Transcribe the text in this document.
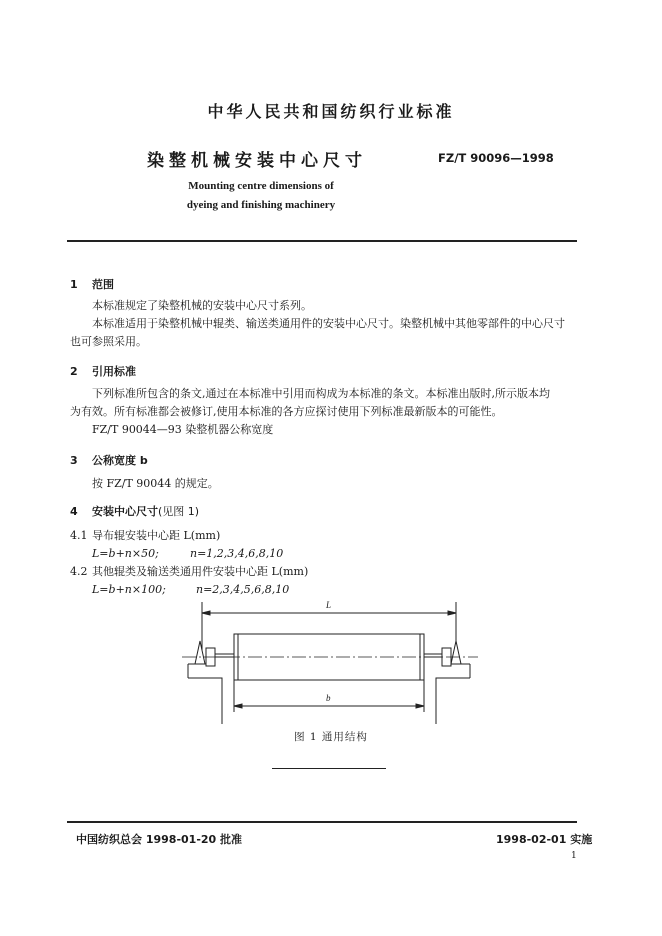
中华人民共和国纺织行业标准
染整机械安装中心尺寸	FZ/T 90096—1998
Mounting centre dimensions of
dyeing and finishing machinery
1 范围
本标准规定了染整机械的安装中心尺寸系列。
本标准适用于染整机械中辊类、输送类通用件的安装中心尺寸。染整机械中其他零部件的中心尺寸
也可参照采用。
2 引用标准
下列标准所包含的条文,通过在本标准中引用而构成为本标准的条文。本标准出版时,所示版本均
为有效。所有标准都会被修订,使用本标准的各方应探讨使用下列标准最新版本的可能性。
FZ/T 90044—93 染整机器公称宽度
3 公称宽度 b
按 FZ/T 90044 的规定。
4 安装中心尺寸(见图 1)
4.1 导布辊安装中心距 L(mm)
L=b+n×50;	n=1,2,3,4,6,8,10
4.2 其他辊类及输送类通用件安装中心距 L(mm)
L=b+n×100;	n=2,3,4,5,6,8,10
L
b
图 1 通用结构
中国纺织总会 1998-01-20 批准	1998-02-01 实施
1
